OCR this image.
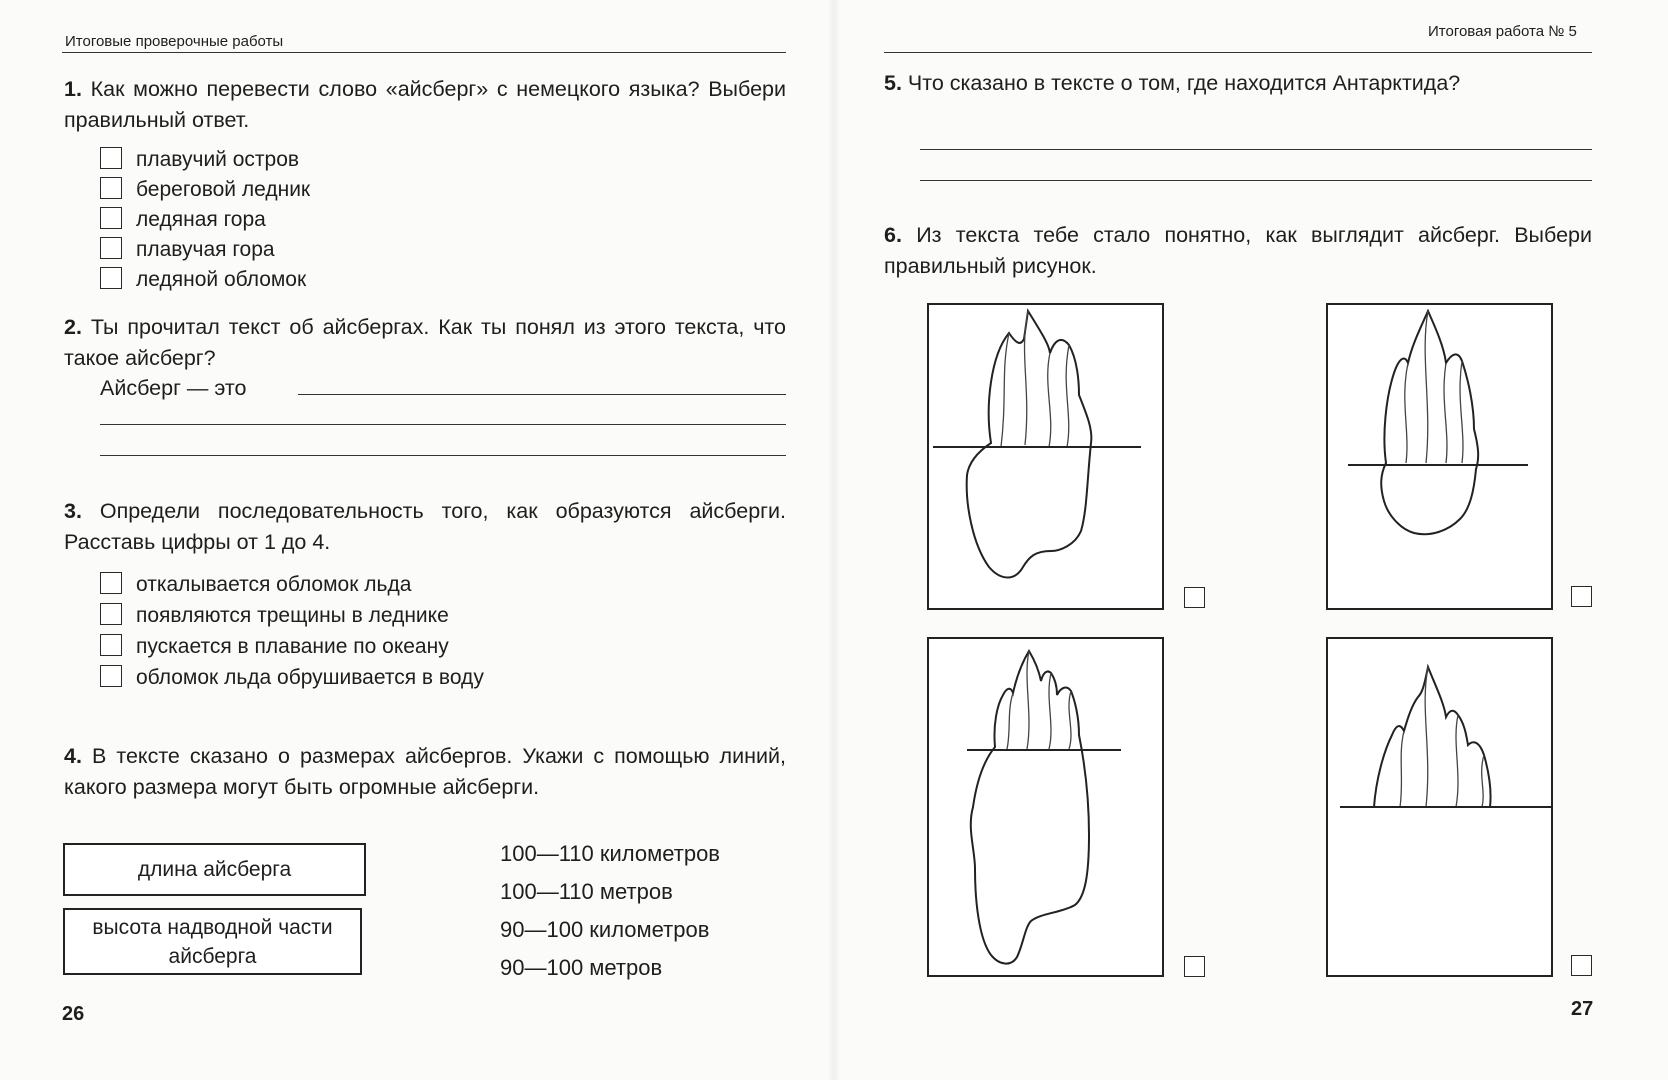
Итоговые проверочные работы
1. Как можно перевести слово «айсберг» с немецкого языка? Выбери правильный ответ.
плавучий остров
береговой ледник
ледяная гора
плавучая гора
ледяной обломок
2. Ты прочитал текст об айсбергах. Как ты понял из этого текста, что такое айсберг?
Айсберг — это
3. Определи последовательность того, как образуются айсберги. Расставь цифры от 1 до 4.
откалывается обломок льда
появляются трещины в леднике
пускается в плавание по океану
обломок льда обрушивается в воду
4. В тексте сказано о размерах айсбергов. Укажи с помощью линий, какого размера могут быть огромные айсберги.
длина айсберга
высота надводной части айсберга
100—110 километров
100—110 метров
90—100 километров
90—100 метров
26
Итоговая работа № 5
5. Что сказано в тексте о том, где находится Антарктида?
6. Из текста тебе стало понятно, как выглядит айсберг. Выбери правильный рисунок.
27
